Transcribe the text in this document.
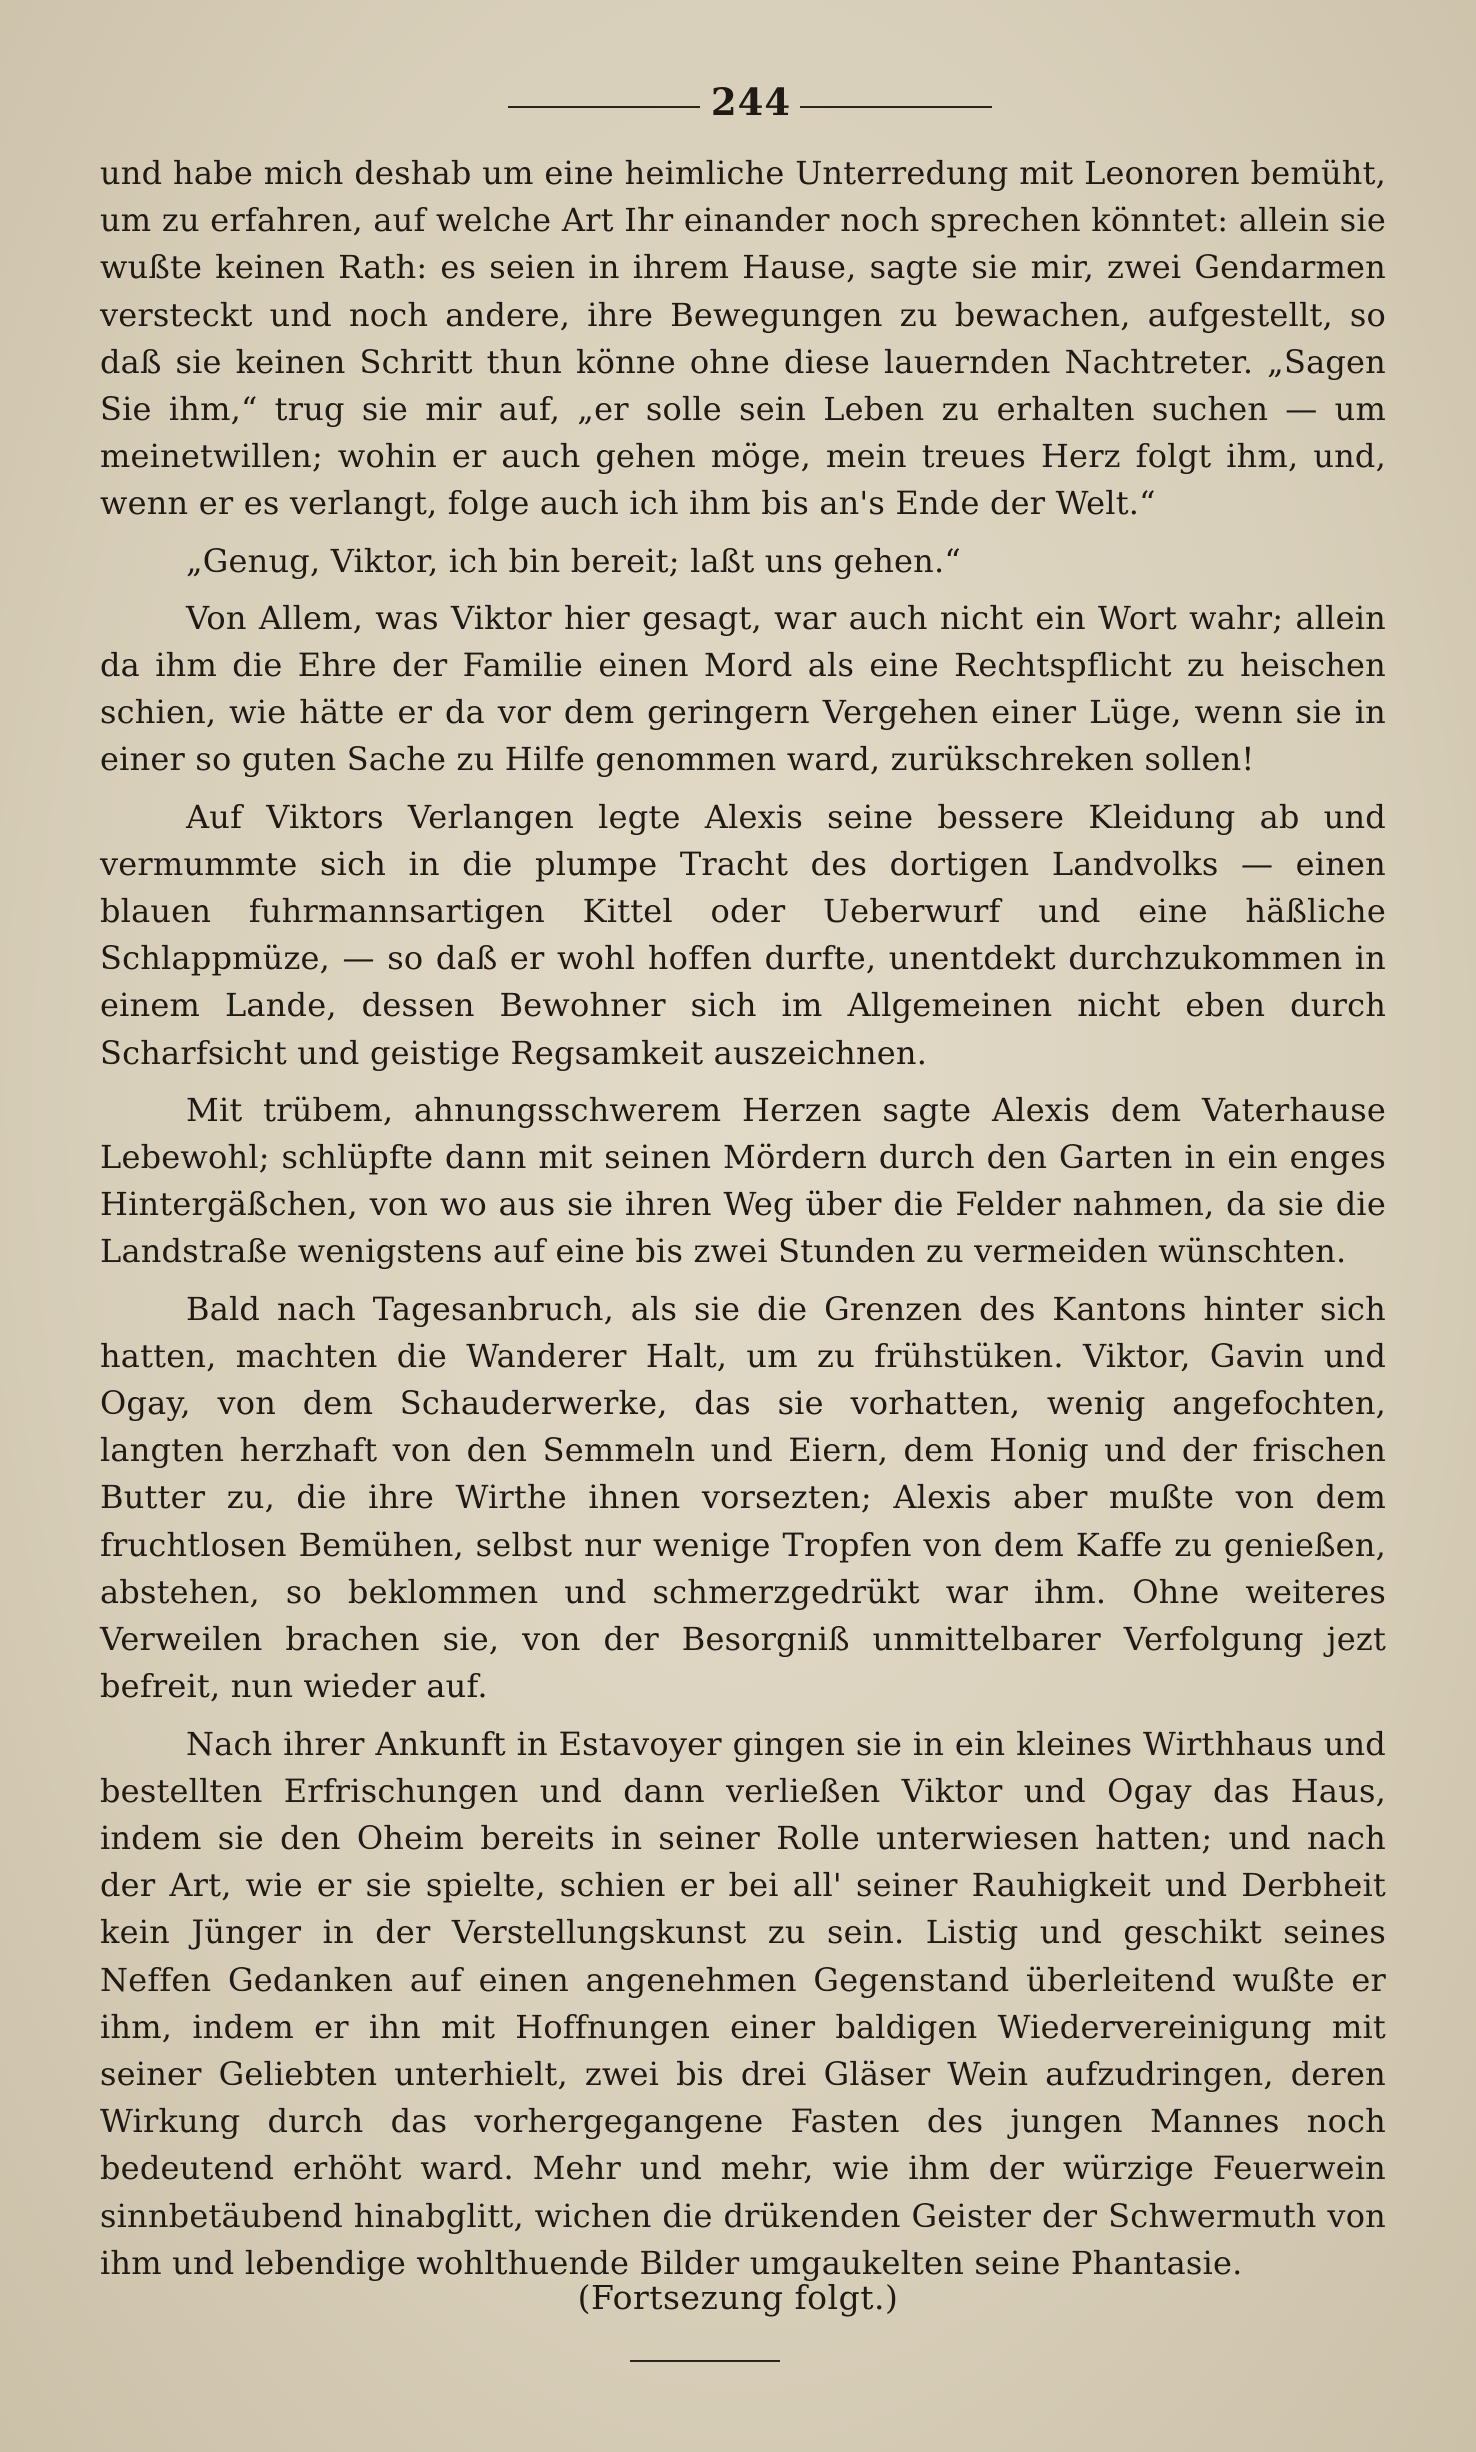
244

und habe mich deshab um eine heimliche Unterredung mit Leonoren bemüht, um zu erfahren, auf welche Art Ihr einander noch sprechen könntet: allein sie wußte keinen Rath: es seien in ihrem Hause, sagte sie mir, zwei Gendarmen versteckt und noch andere, ihre Bewegungen zu bewachen, aufgestellt, so daß sie keinen Schritt thun könne ohne diese lauernden Nachtreter. „Sagen Sie ihm,“ trug sie mir auf, „er solle sein Leben zu erhalten suchen — um meinetwillen; wohin er auch gehen möge, mein treues Herz folgt ihm, und, wenn er es verlangt, folge auch ich ihm bis an's Ende der Welt.“

„Genug, Viktor, ich bin bereit; laßt uns gehen.“

Von Allem, was Viktor hier gesagt, war auch nicht ein Wort wahr; allein da ihm die Ehre der Familie einen Mord als eine Rechtspflicht zu heischen schien, wie hätte er da vor dem geringern Vergehen einer Lüge, wenn sie in einer so guten Sache zu Hilfe genommen ward, zurükschreken sollen!

Auf Viktors Verlangen legte Alexis seine bessere Kleidung ab und vermummte sich in die plumpe Tracht des dortigen Landvolks — einen blauen fuhrmannsartigen Kittel oder Ueberwurf und eine häßliche Schlappmüze, — so daß er wohl hoffen durfte, unentdekt durchzukommen in einem Lande, dessen Bewohner sich im Allgemeinen nicht eben durch Scharfsicht und geistige Regsamkeit auszeichnen.

Mit trübem, ahnungsschwerem Herzen sagte Alexis dem Vaterhause Lebewohl; schlüpfte dann mit seinen Mördern durch den Garten in ein enges Hintergäßchen, von wo aus sie ihren Weg über die Felder nahmen, da sie die Landstraße wenigstens auf eine bis zwei Stunden zu vermeiden wünschten.

Bald nach Tagesanbruch, als sie die Grenzen des Kantons hinter sich hatten, machten die Wanderer Halt, um zu frühstüken. Viktor, Gavin und Ogay, von dem Schauderwerke, das sie vorhatten, wenig angefochten, langten herzhaft von den Semmeln und Eiern, dem Honig und der frischen Butter zu, die ihre Wirthe ihnen vorsezten; Alexis aber mußte von dem fruchtlosen Bemühen, selbst nur wenige Tropfen von dem Kaffe zu genießen, abstehen, so beklommen und schmerzgedrükt war ihm. Ohne weiteres Verweilen brachen sie, von der Besorgniß unmittelbarer Verfolgung jezt befreit, nun wieder auf.

Nach ihrer Ankunft in Estavoyer gingen sie in ein kleines Wirthhaus und bestellten Erfrischungen und dann verließen Viktor und Ogay das Haus, indem sie den Oheim bereits in seiner Rolle unterwiesen hatten; und nach der Art, wie er sie spielte, schien er bei all' seiner Rauhigkeit und Derbheit kein Jünger in der Verstellungskunst zu sein. Listig und geschikt seines Neffen Gedanken auf einen angenehmen Gegenstand überleitend wußte er ihm, indem er ihn mit Hoffnungen einer baldigen Wiedervereinigung mit seiner Geliebten unterhielt, zwei bis drei Gläser Wein aufzudringen, deren Wirkung durch das vorhergegangene Fasten des jungen Mannes noch bedeutend erhöht ward. Mehr und mehr, wie ihm der würzige Feuerwein sinnbetäubend hinabglitt, wichen die drükenden Geister der Schwermuth von ihm und lebendige wohlthuende Bilder umgaukelten seine Phantasie.

(Fortsezung folgt.)
